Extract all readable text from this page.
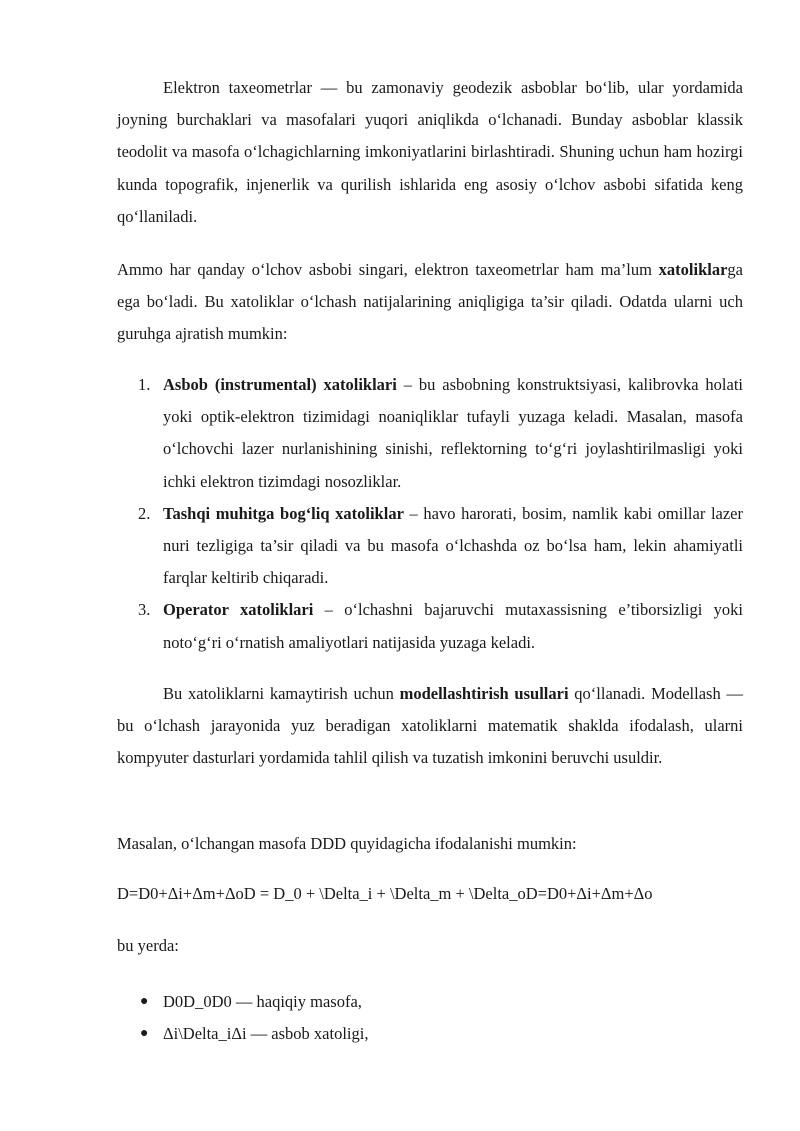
Elektron taxeometrlar — bu zamonaviy geodezik asboblar bo‘lib, ular yordamida joyning burchaklari va masofalari yuqori aniqlikda o‘lchanadi. Bunday asboblar klassik teodolit va masofa o‘lchagichlarning imkoniyatlarini birlashtiradi. Shuning uchun ham hozirgi kunda topografik, injenerlik va qurilish ishlarida eng asosiy o‘lchov asbobi sifatida keng qo‘llaniladi.

Ammo har qanday o‘lchov asbobi singari, elektron taxeometrlar ham ma’lum xatoliklarga ega bo‘ladi. Bu xatoliklar o‘lchash natijalarining aniqligiga ta’sir qiladi. Odatda ularni uch guruhga ajratish mumkin:

1. Asbob (instrumental) xatoliklari – bu asbobning konstruktsiyasi, kalibrovka holati yoki optik-elektron tizimidagi noaniqliklar tufayli yuzaga keladi. Masalan, masofa o‘lchovchi lazer nurlanishining sinishi, reflektorning to‘g‘ri joylashtirilmasligi yoki ichki elektron tizimdagi nosozliklar.
2. Tashqi muhitga bog‘liq xatoliklar – havo harorati, bosim, namlik kabi omillar lazer nuri tezligiga ta’sir qiladi va bu masofa o‘lchashda oz bo‘lsa ham, lekin ahamiyatli farqlar keltirib chiqaradi.
3. Operator xatoliklari – o‘lchashni bajaruvchi mutaxassisning e’tiborsizligi yoki noto‘g‘ri o‘rnatish amaliyotlari natijasida yuzaga keladi.

Bu xatoliklarni kamaytirish uchun modellashtirish usullari qo‘llanadi. Modellash — bu o‘lchash jarayonida yuz beradigan xatoliklarni matematik shaklda ifodalash, ularni kompyuter dasturlari yordamida tahlil qilish va tuzatish imkonini beruvchi usuldir.

Masalan, o‘lchangan masofa DDD quyidagicha ifodalanishi mumkin:

D=D0+Δi+Δm+ΔoD = D_0 + \Delta_i + \Delta_m + \Delta_oD=D0+Δi+Δm+Δo

bu yerda:

● D0D_0D0 — haqiqiy masofa,
● Δi\Delta_iΔi — asbob xatoligi,
